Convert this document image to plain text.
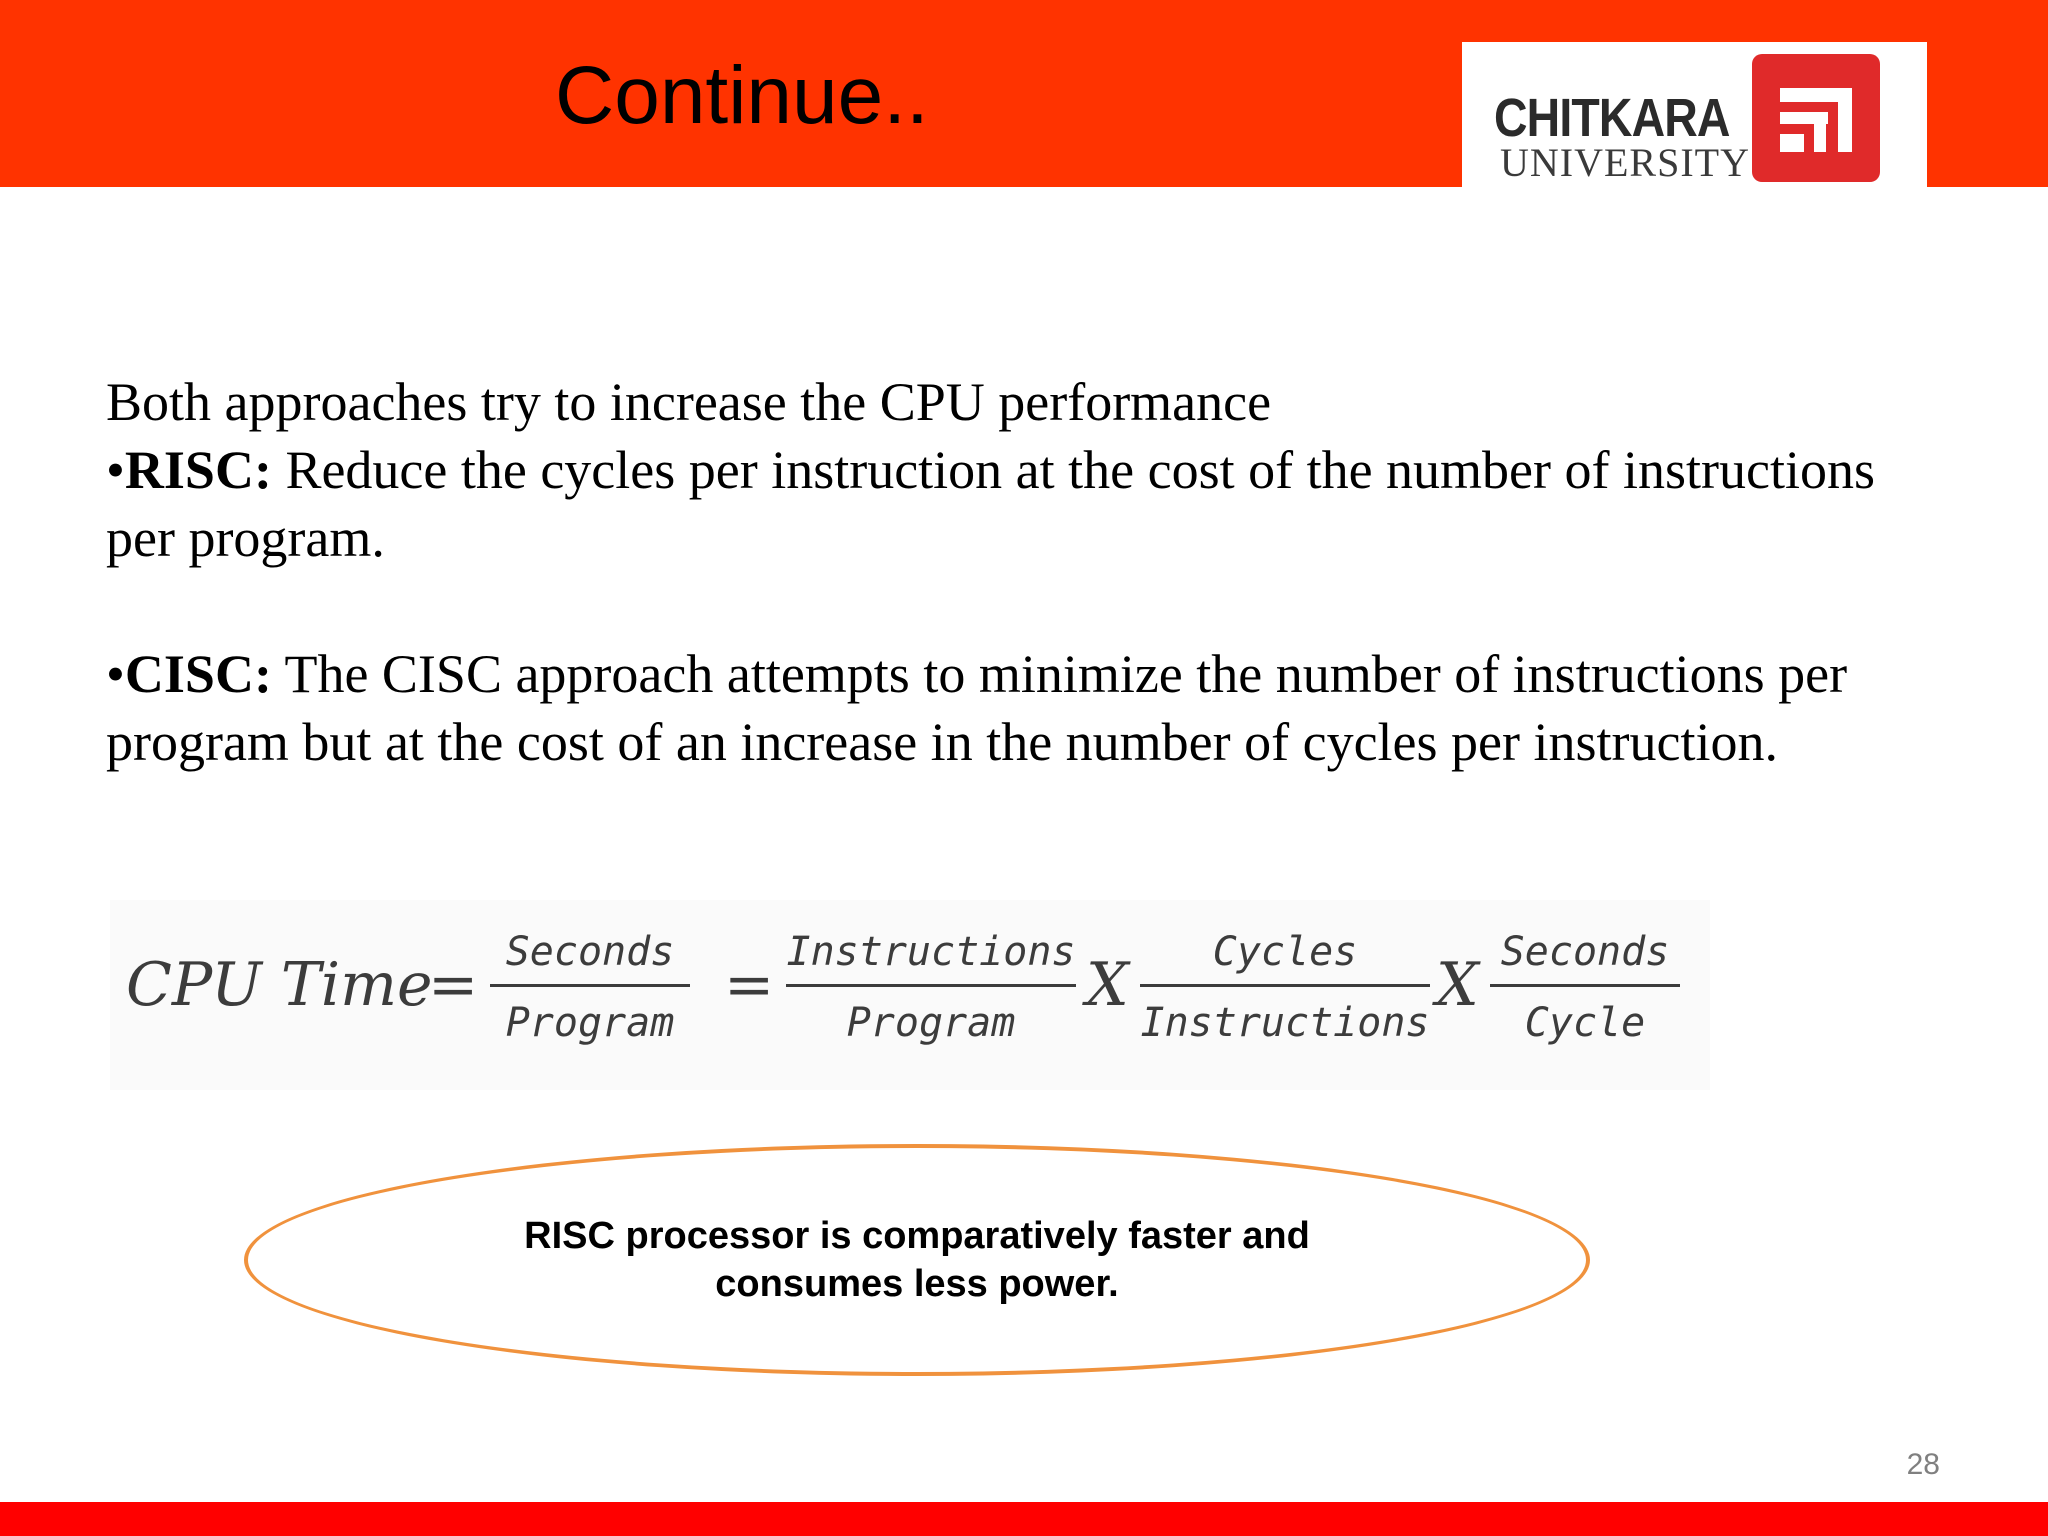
Continue..	CHITKARA
UNIVERSITY

Both approaches try to increase the CPU performance

•RISC: Reduce the cycles per instruction at the cost of the number of instructions per program.

•CISC: The CISC approach attempts to minimize the number of instructions per program but at the cost of an increase in the number of cycles per instruction.

CPU Time
= Seconds
Program
= Instructions
Program
X	Cycles
Instructions
X Seconds
Cycle
RISC processor is comparatively faster and
consumes less power.
28
